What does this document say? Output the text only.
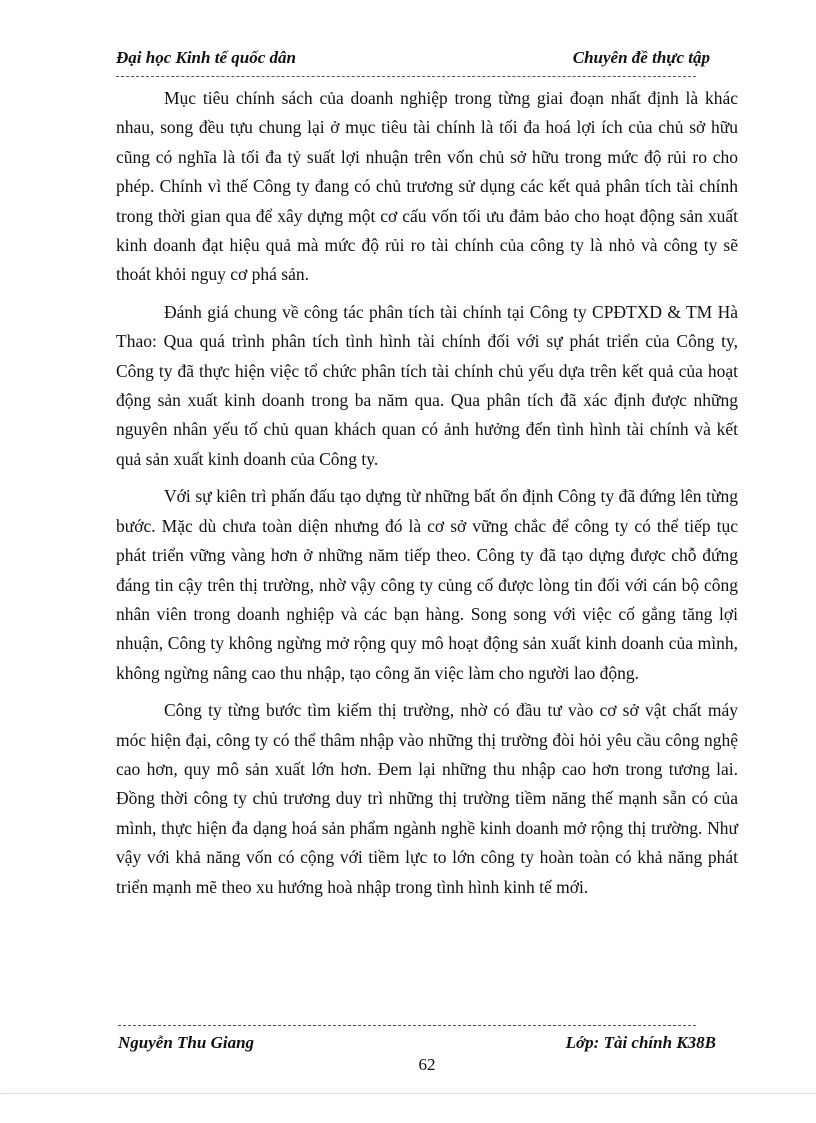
Đại học Kinh tế quốc dân	Chuyên đề thực tập

Mục tiêu chính sách của doanh nghiệp trong từng giai đoạn nhất định là khác nhau, song đều tựu chung lại ở mục tiêu tài chính là tối đa hoá lợi ích của chủ sở hữu cũng có nghĩa là tối đa tỷ suất lợi nhuận trên vốn chủ sở hữu trong mức độ rủi ro cho phép. Chính vì thế Công ty đang có chủ trương sử dụng các kết quả phân tích tài chính trong thời gian qua để xây dựng một cơ cấu vốn tối ưu đảm bảo cho hoạt động sản xuất kinh doanh đạt hiệu quả mà mức độ rủi ro tài chính của công ty là nhỏ và công ty sẽ thoát khỏi nguy cơ phá sản.

Đánh giá chung về công tác phân tích tài chính tại Công ty CPĐTXD & TM Hà Thao: Qua quá trình phân tích tình hình tài chính đối với sự phát triển của Công ty, Công ty đã thực hiện việc tổ chức phân tích tài chính chủ yếu dựa trên kết quả của hoạt động sản xuất kinh doanh trong ba năm qua. Qua phân tích đã xác định được những nguyên nhân yếu tố chủ quan khách quan có ảnh hưởng đến tình hình tài chính và kết quả sản xuất kinh doanh của Công ty.

Với sự kiên trì phấn đấu tạo dựng từ những bất ổn định Công ty đã đứng lên từng bước. Mặc dù chưa toàn diện nhưng đó là cơ sở vững chắc để công ty có thể tiếp tục phát triển vững vàng hơn ở những năm tiếp theo. Công ty đã tạo dựng được chỗ đứng đáng tin cậy trên thị trường, nhờ vậy công ty củng cố được lòng tin đối với cán bộ công nhân viên trong doanh nghiệp và các bạn hàng. Song song với việc cố gắng tăng lợi nhuận, Công ty không ngừng mở rộng quy mô hoạt động sản xuất kinh doanh của mình, không ngừng nâng cao thu nhập, tạo công ăn việc làm cho người lao động.

Công ty từng bước tìm kiếm thị trường, nhờ có đầu tư vào cơ sở vật chất máy móc hiện đại, công ty có thể thâm nhập vào những thị trường đòi hỏi yêu cầu công nghệ cao hơn, quy mô sản xuất lớn hơn. Đem lại những thu nhập cao hơn trong tương lai. Đồng thời công ty chủ trương duy trì những thị trường tiềm năng thế mạnh sẵn có của mình, thực hiện đa dạng hoá sản phẩm ngành nghề kinh doanh mở rộng thị trường. Như vậy với khả năng vốn có cộng với tiềm lực to lớn công ty hoàn toàn có khả năng phát triển mạnh mẽ theo xu hướng hoà nhập trong tình hình kinh tế mới.

Nguyễn Thu Giang	Lớp: Tài chính K38B
62
